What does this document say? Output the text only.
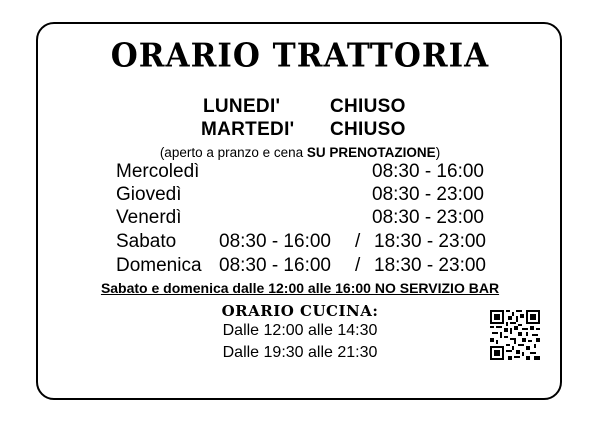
ORARIO TRATTORIA
LUNEDI'	CHIUSO
MARTEDI' CHIUSO
(aperto a pranzo e cena SU PRENOTAZIONE)
Mercoledì	08:30 - 16:00
Giovedì	08:30 - 23:00
Venerdì	08:30 - 23:00
Sabato 08:30 - 16:00 / 18:30 - 23:00
Domenica 08:30 - 16:00 / 18:30 - 23:00
Sabato e domenica dalle 12:00 alle 16:00 NO SERVIZIO BAR
ORARIO CUCINA:
Dalle 12:00 alle 14:30
Dalle 19:30 alle 21:30
